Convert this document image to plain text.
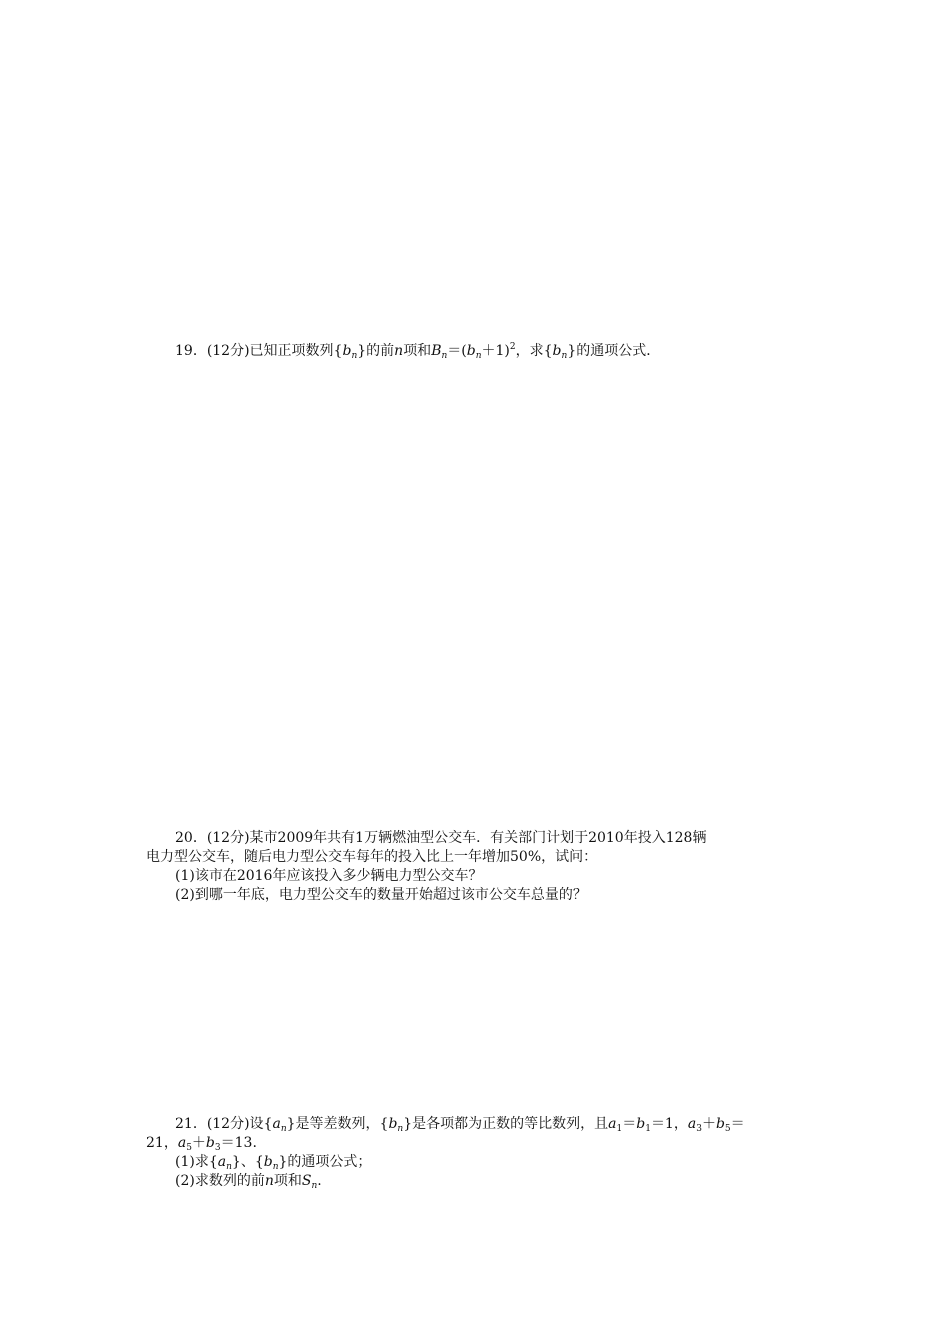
19．(12分)已知正项数列$\{b_n\}$的前n项和$B_n=(b_n+1)^2$，求$\{b_n\}$的通项公式．
20．(12分)某市2009年共有1万辆燃油型公交车．有关部门计划于2010年投入128辆
电力型公交车，随后电力型公交车每年的投入比上一年增加50%，试问：
(1)该市在2016年应该投入多少辆电力型公交车？
(2)到哪一年底，电力型公交车的数量开始超过该市公交车总量的？
21．(12分)设$\{a_n\}$是等差数列，$\{b_n\}$是各项都为正数的等比数列，且$a_1=b_1=1$，$a_3+b_5=$
21，$a_5+b_3=13$.
(1)求$\{a_n\}$、$\{b_n\}$的通项公式；
(2)求数列的前n项和$S_n$.
